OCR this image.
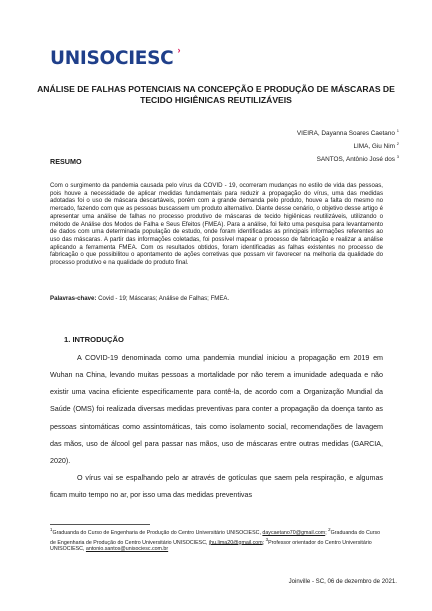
UNISOCIESC ›
ANÁLISE DE FALHAS POTENCIAIS NA CONCEPÇÃO E PRODUÇÃO DE MÁSCARAS DE TECIDO HIGIÊNICAS REUTILIZÁVEIS
VIEIRA, Dayanna Soares Caetano $^1$
LIMA, Giu Nim $^2$
SANTOS, Antônio José dos $^3$
RESUMO
Com o surgimento da pandemia causada pelo vírus da COVID - 19, ocorreram mudanças no estilo de vida das pessoas, pois houve a necessidade de aplicar medidas fundamentais para reduzir a propagação do vírus, uma das medidas adotadas foi o uso de máscara descartáveis, porém com a grande demanda pelo produto, houve a falta do mesmo no mercado, fazendo com que as pessoas buscassem um produto alternativo. Diante desse cenário, o objetivo desse artigo é apresentar uma análise de falhas no processo produtivo de máscaras de tecido higiênicas reutilizáveis, utilizando o método de Análise dos Modos de Falha e Seus Efeitos (FMEA). Para a análise, foi feito uma pesquisa para levantamento de dados com uma determinada população de estudo, onde foram identificadas as principais informações referentes ao uso das máscaras. A partir das informações coletadas, foi possível mapear o processo de fabricação e realizar a análise aplicando a ferramenta FMEA. Com os resultados obtidos, foram identificadas as falhas existentes no processo de fabricação o que possibilitou o apontamento de ações corretivas que possam vir favorecer na melhoria da qualidade do processo produtivo e na qualidade do produto final.
Palavras-chave: Covid - 19; Máscaras; Análise de Falhas; FMEA.
1. INTRODUÇÃO

A COVID-19 denominada como uma pandemia mundial iniciou a propagação em 2019 em Wuhan na China, levando muitas pessoas a mortalidade por não terem a imunidade adequada e não existir uma vacina eficiente especificamente para contê-la, de acordo com a Organização Mundial da Saúde (OMS) foi realizada diversas medidas preventivas para conter a propagação da doença tanto as pessoas sintomáticas como assintomáticas, tais como isolamento social, recomendações de lavagem das mãos, uso de álcool gel para passar nas mãos, uso de máscaras entre outras medidas (GARCIA, 2020).

O vírus vai se espalhando pelo ar através de gotículas que saem pela respiração, e algumas ficam muito tempo no ar, por isso uma das medidas preventivas

$^1$Graduanda do Curso de Engenharia de Produção do Centro Universitário UNISOCIESC, daycaetano70@gmail.com; $^2$Graduanda do Curso de Engenharia de Produção do Centro Universitário UNISOCIESC, jhu.lima20@gmail.com; $^3$Professor orientador do Centro Universitário UNISOCIESC, antonio.santos@unisociesc.com.br
Joinville - SC, 06 de dezembro de 2021.
